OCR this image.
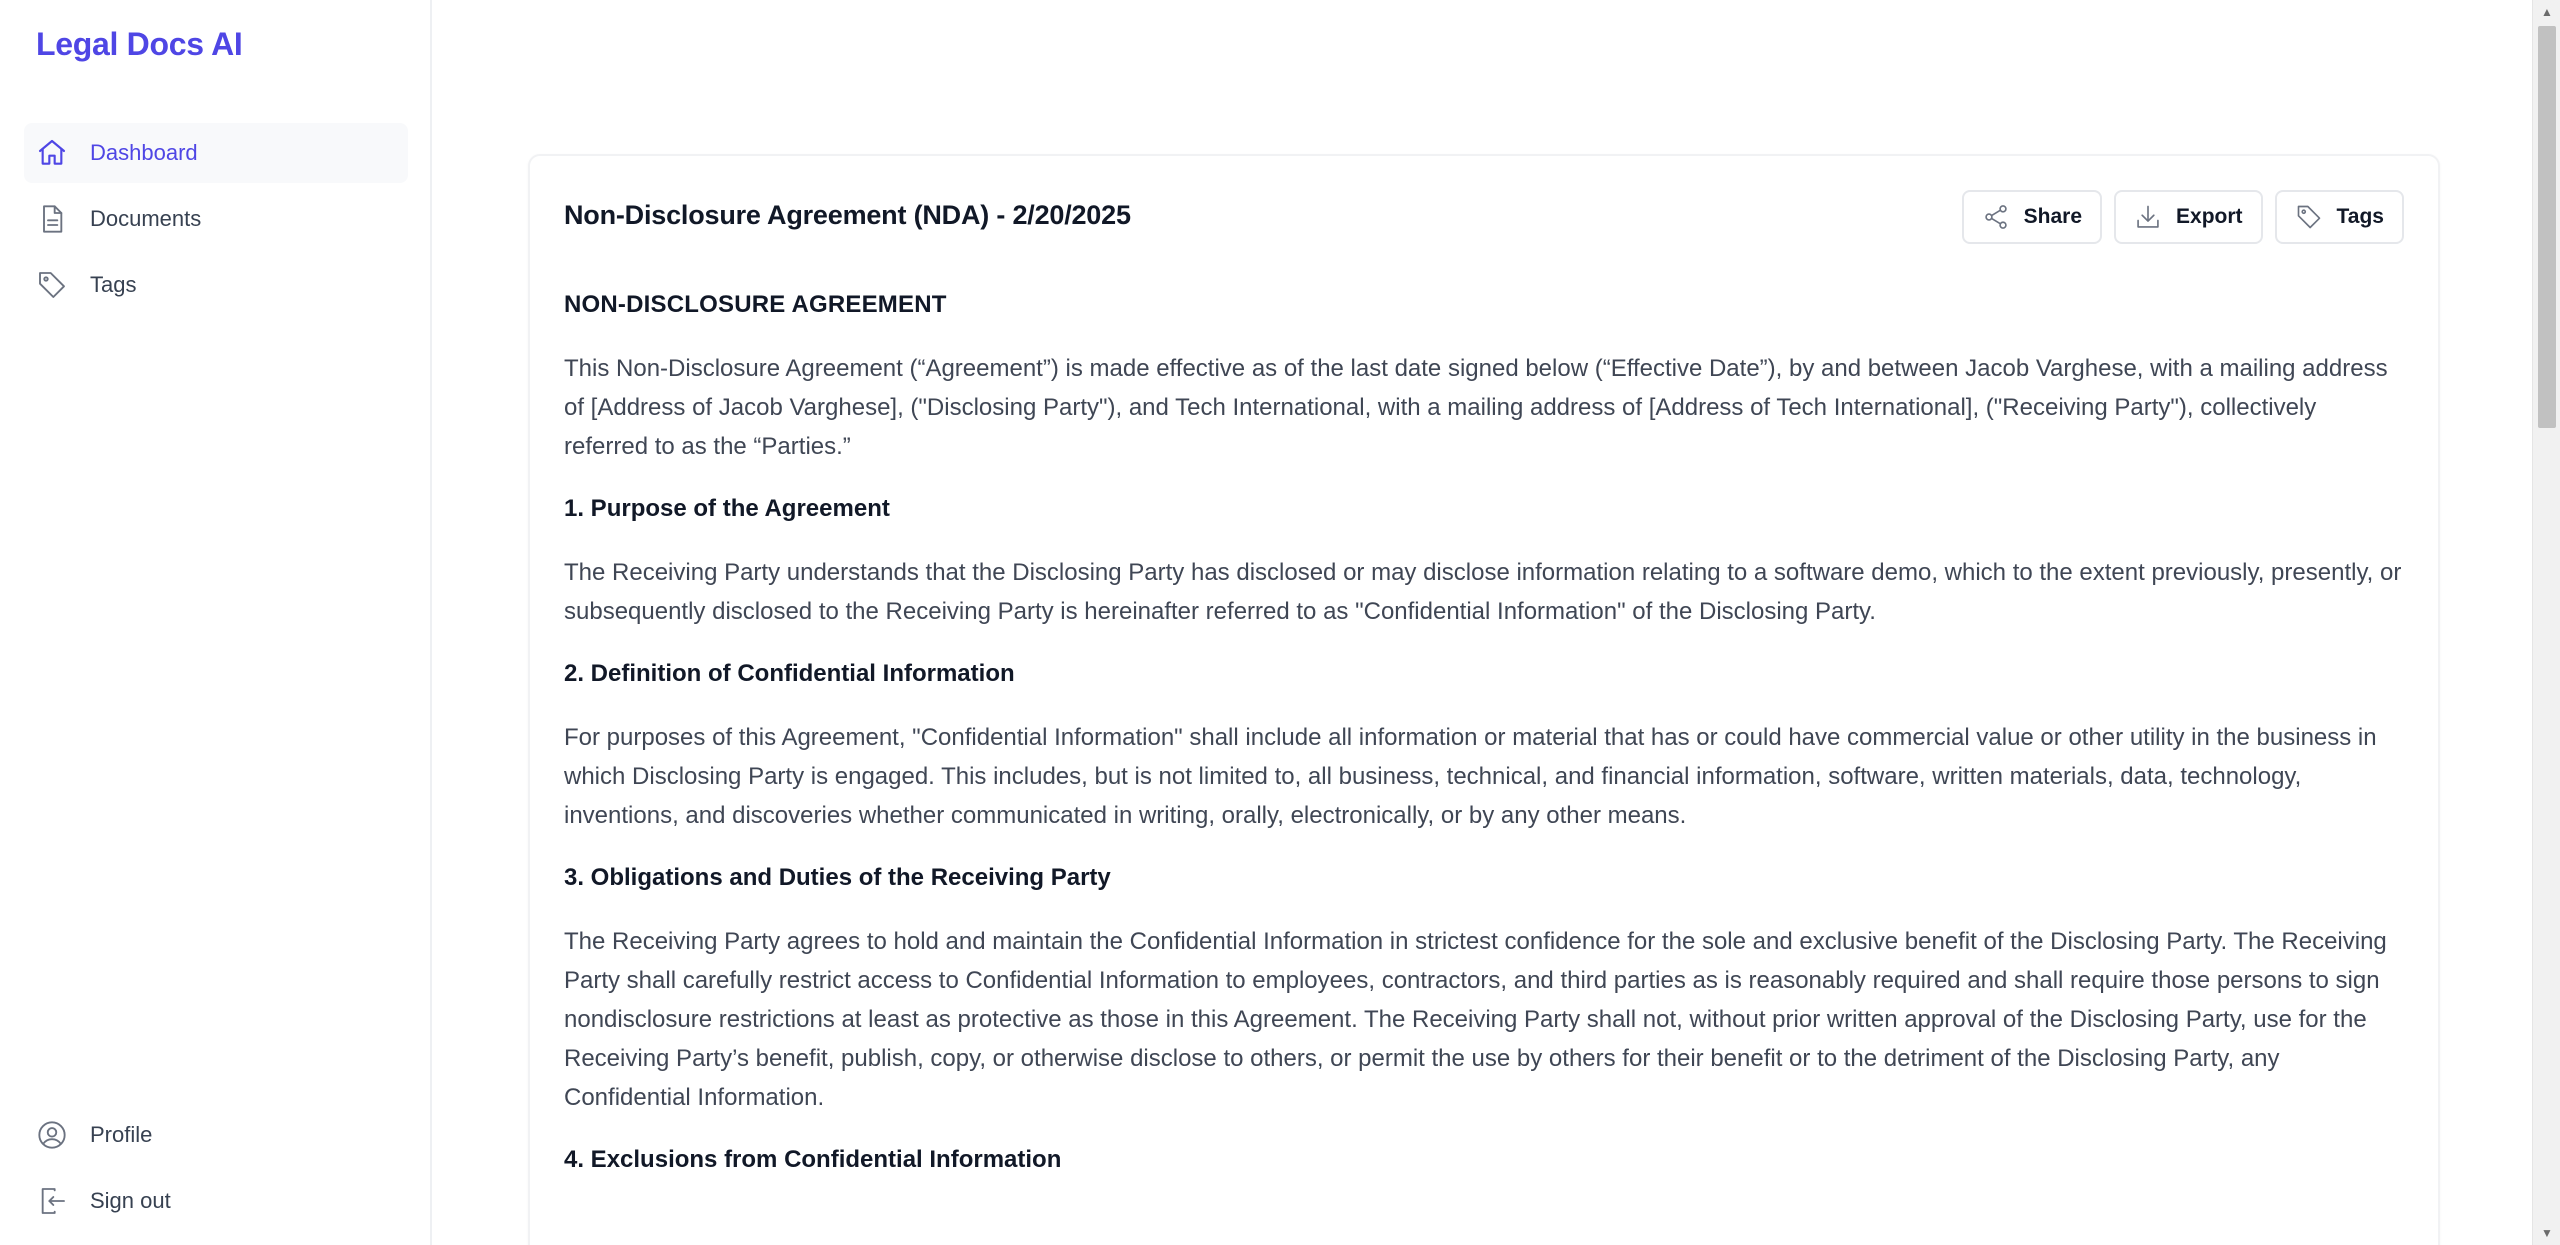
Legal Docs AI
Dashboard
Documents
Tags
Profile
Sign out
Non-Disclosure Agreement (NDA) - 2/20/2025	Share	Export	Tags
NON-DISCLOSURE AGREEMENT

This Non-Disclosure Agreement (“Agreement”) is made effective as of the last date signed below (“Effective Date”), by and between Jacob Varghese, with a mailing address of [Address of Jacob Varghese], ("Disclosing Party"), and Tech International, with a mailing address of [Address of Tech International], ("Receiving Party"), collectively referred to as the “Parties.”

1. Purpose of the Agreement

The Receiving Party understands that the Disclosing Party has disclosed or may disclose information relating to a software demo, which to the extent previously, presently, or subsequently disclosed to the Receiving Party is hereinafter referred to as "Confidential Information" of the Disclosing Party.

2. Definition of Confidential Information

For purposes of this Agreement, "Confidential Information" shall include all information or material that has or could have commercial value or other utility in the business in which Disclosing Party is engaged. This includes, but is not limited to, all business, technical, and financial information, software, written materials, data, technology, inventions, and discoveries whether communicated in writing, orally, electronically, or by any other means.

3. Obligations and Duties of the Receiving Party

The Receiving Party agrees to hold and maintain the Confidential Information in strictest confidence for the sole and exclusive benefit of the Disclosing Party. The Receiving Party shall carefully restrict access to Confidential Information to employees, contractors, and third parties as is reasonably required and shall require those persons to sign nondisclosure restrictions at least as protective as those in this Agreement. The Receiving Party shall not, without prior written approval of the Disclosing Party, use for the Receiving Party’s benefit, publish, copy, or otherwise disclose to others, or permit the use by others for their benefit or to the detriment of the Disclosing Party, any Confidential Information.

4. Exclusions from Confidential Information
▲
▼
